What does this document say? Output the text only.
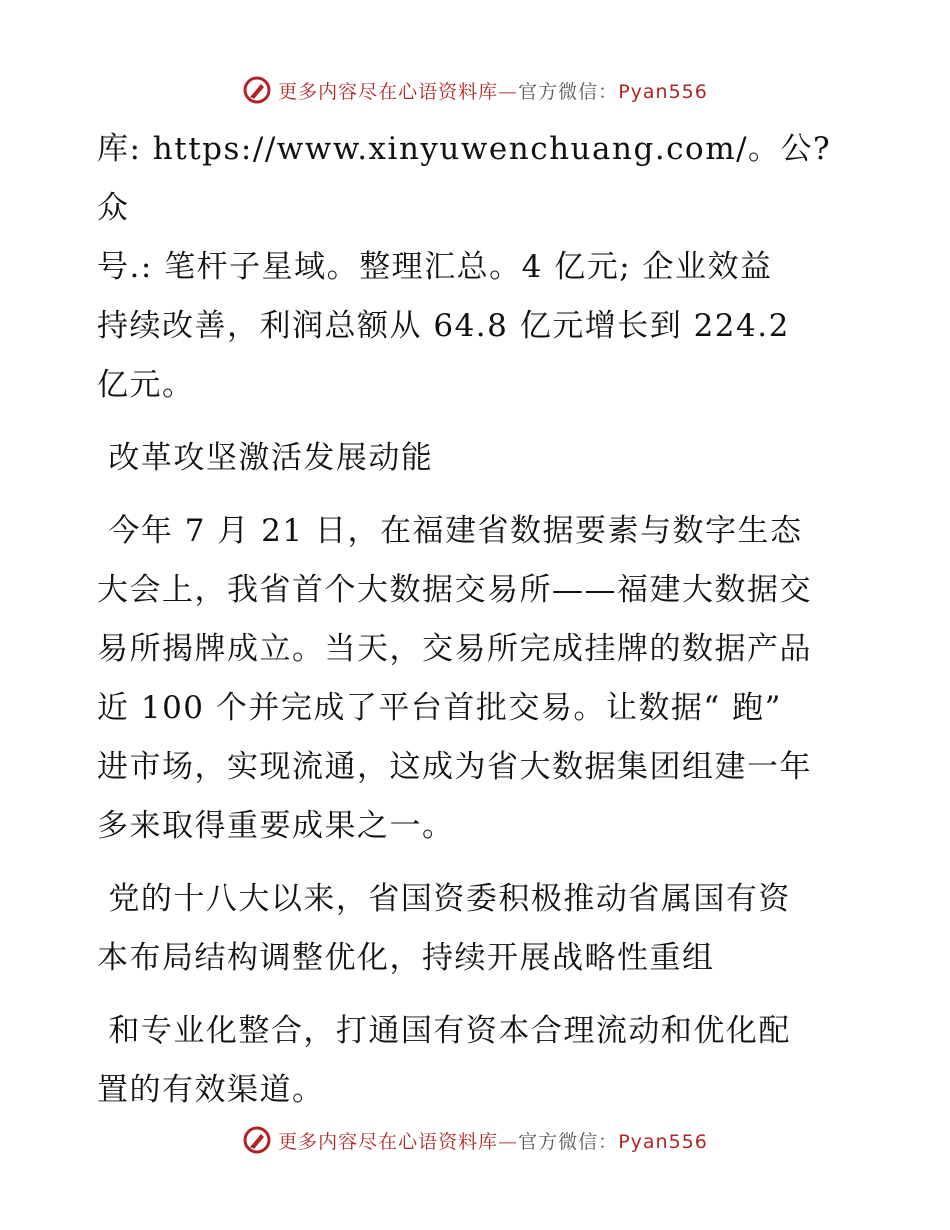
更多内容尽在心语资料库—官方微信：Pyan556

库: https://www.xinyuwenchuang.com/。公?众
号.: 笔杆子星域。整理汇总。4 亿元; 企业效益
持续改善，利润总额从 64.8 亿元增长到 224.2
亿元。

改革攻坚激活发展动能

今年 7 月 21 日，在福建省数据要素与数字生态
大会上，我省首个大数据交易所——福建大数据交
易所揭牌成立。当天，交易所完成挂牌的数据产品
近 100 个并完成了平台首批交易。让数据“ 跑”
进市场，实现流通，这成为省大数据集团组建一年
多来取得重要成果之一。

党的十八大以来，省国资委积极推动省属国有资
本布局结构调整优化，持续开展战略性重组

和专业化整合，打通国有资本合理流动和优化配
置的有效渠道。

更多内容尽在心语资料库—官方微信：Pyan556
